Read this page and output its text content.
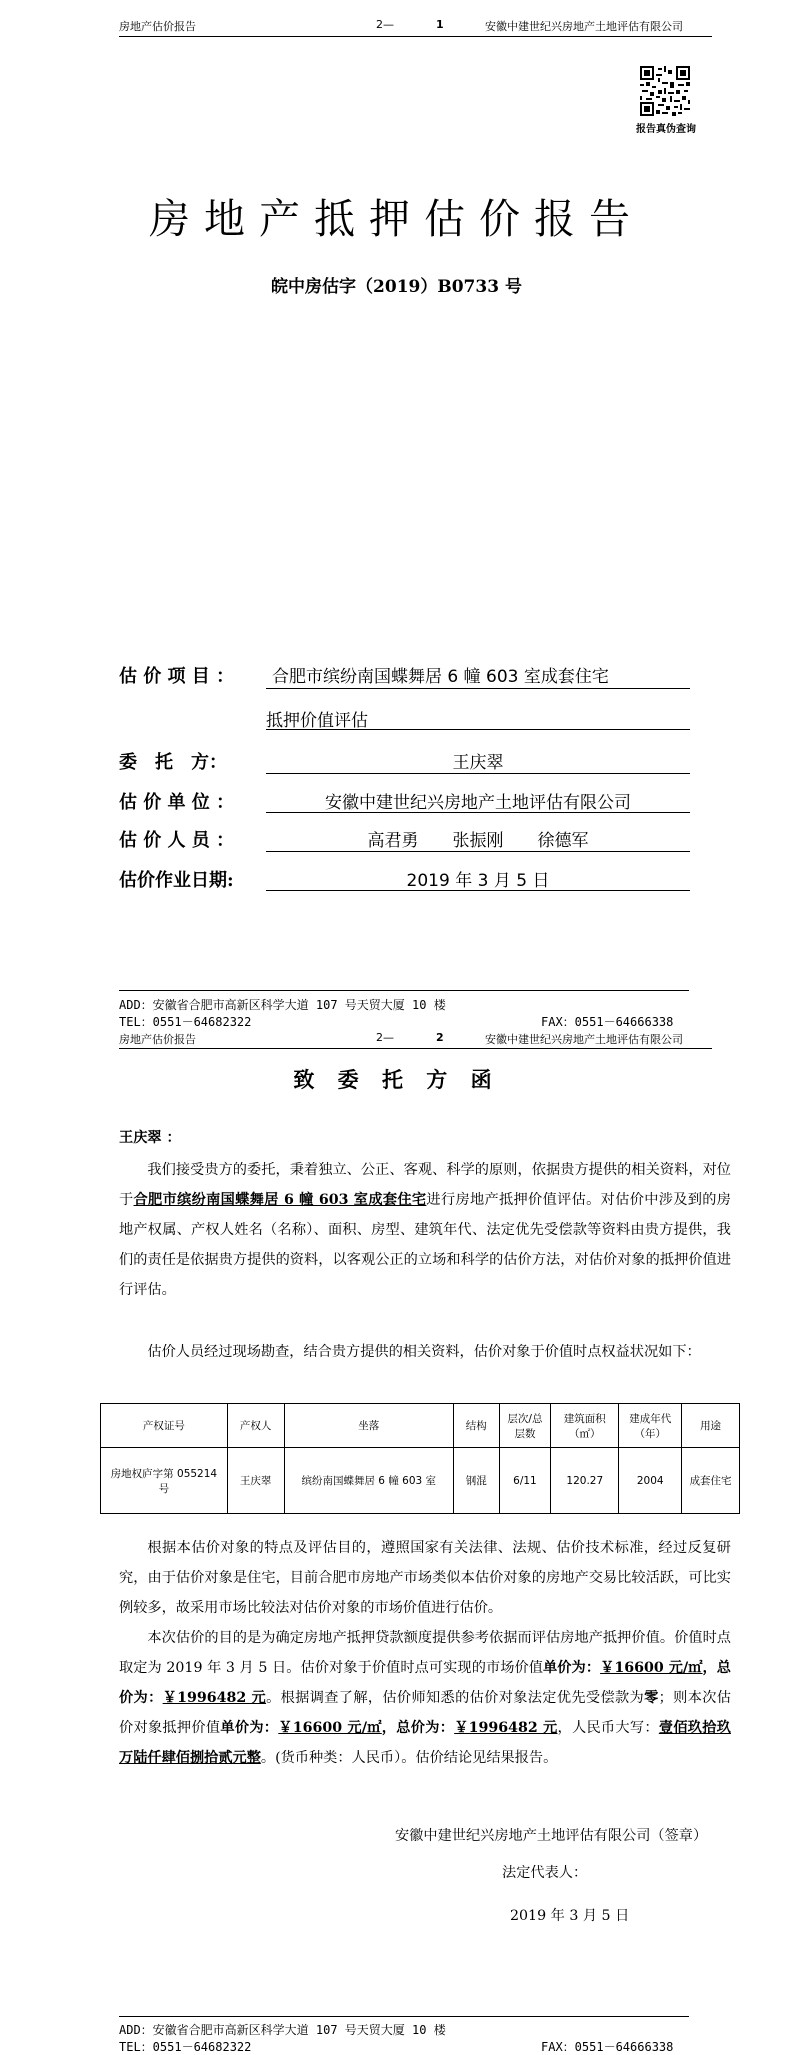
房地产估价报告	2—	1	安徽中建世纪兴房地产土地评估有限公司
报告真伪查询
房地产抵押估价报告
皖中房估字（2019）B0733 号
估 价 项 目 ： 合肥市缤纷南国蝶舞居 6 幢 603 室成套住宅
抵押价值评估
委　托　方：	王庆翠
估 价 单 位 ：	安徽中建世纪兴房地产土地评估有限公司
估 价 人 员 ：	高君勇　　张振刚　　徐德军
估价作业日期:	2019 年 3 月 5 日
ADD：安徽省合肥市高新区科学大道 107 号天贸大厦 10 楼
TEL：0551－64682322	FAX：0551－64666338
房地产估价报告	2—	2	安徽中建世纪兴房地产土地评估有限公司
致 委 托 方 函
王庆翠 ：
我们接受贵方的委托，秉着独立、公正、客观、科学的原则，依据贵方提供的相关资料，对位于合肥市缤纷南国蝶舞居 6 幢 603 室成套住宅进行房地产抵押价值评估。对估价中涉及到的房地产权属、产权人姓名（名称）、面积、房型、建筑年代、法定优先受偿款等资料由贵方提供，我们的责任是依据贵方提供的资料，以客观公正的立场和科学的估价方法，对估价对象的抵押价值进行评估。
估价人员经过现场勘查，结合贵方提供的相关资料，估价对象于价值时点权益状况如下：
产权证号	产权人	坐落	结构	层次/总层数	建筑面积（㎡）	建成年代（年）	用途
房地权庐字第 055214 号	王庆翠	缤纷南国蝶舞居 6 幢 603 室	钢混	6/11	120.27	2004	成套住宅
根据本估价对象的特点及评估目的，遵照国家有关法律、法规、估价技术标准，经过反复研究，由于估价对象是住宅，目前合肥市房地产市场类似本估价对象的房地产交易比较活跃，可比实例较多，故采用市场比较法对估价对象的市场价值进行估价。
本次估价的目的是为确定房地产抵押贷款额度提供参考依据而评估房地产抵押价值。价值时点取定为 2019 年 3 月 5 日。估价对象于价值时点可实现的市场价值单价为：￥16600 元/㎡，总价为：￥1996482 元。根据调查了解，估价师知悉的估价对象法定优先受偿款为零；则本次估价对象抵押价值单价为：￥16600 元/㎡，总价为：￥1996482 元，人民币大写：壹佰玖拾玖万陆仟肆佰捌拾贰元整。(货币种类：人民币）。估价结论见结果报告。
安徽中建世纪兴房地产土地评估有限公司（签章）
法定代表人：
2019 年 3 月 5 日
ADD：安徽省合肥市高新区科学大道 107 号天贸大厦 10 楼
TEL：0551－64682322	FAX：0551－64666338
